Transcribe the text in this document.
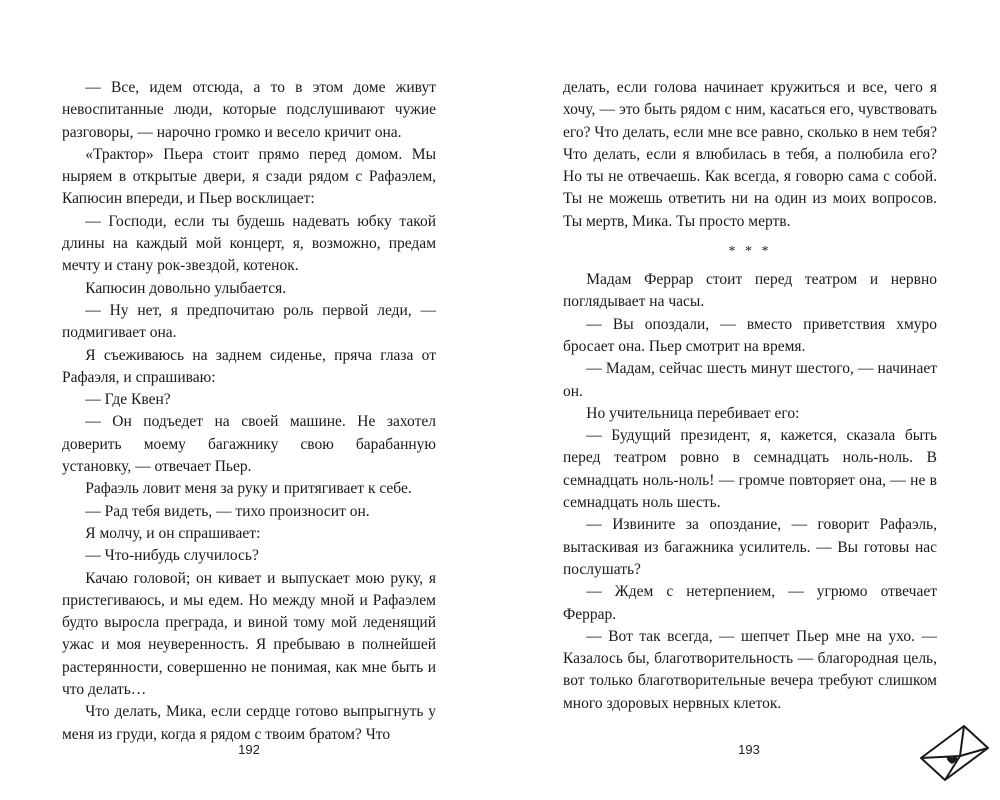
— Все, идем отсюда, а то в этом доме живут невоспитанные люди, которые подслушивают чужие разговоры, — нарочно громко и весело кричит она.

«Трактор» Пьера стоит прямо перед домом. Мы ныряем в открытые двери, я сзади рядом с Рафаэлем, Капюсин впереди, и Пьер восклицает:

— Господи, если ты будешь надевать юбку такой длины на каждый мой концерт, я, возможно, предам мечту и стану рок-звездой, котенок.

Капюсин довольно улыбается.

— Ну нет, я предпочитаю роль первой леди, — подмигивает она.

Я съеживаюсь на заднем сиденье, пряча глаза от Рафаэля, и спрашиваю:

— Где Квен?

— Он подъедет на своей машине. Не захотел доверить моему багажнику свою барабанную установку, — отвечает Пьер.

Рафаэль ловит меня за руку и притягивает к себе.

— Рад тебя видеть, — тихо произносит он.

Я молчу, и он спрашивает:

— Что-нибудь случилось?

Качаю головой; он кивает и выпускает мою руку, я пристегиваюсь, и мы едем. Но между мной и Рафаэлем будто выросла преграда, и виной тому мой леденящий ужас и моя неуверенность. Я пребываю в полнейшей растерянности, совершенно не понимая, как мне быть и что делать…

Что делать, Мика, если сердце готово выпрыгнуть у меня из груди, когда я рядом с твоим братом? Что

192

делать, если голова начинает кружиться и все, чего я хочу, — это быть рядом с ним, касаться его, чувствовать его? Что делать, если мне все равно, сколько в нем тебя? Что делать, если я влюбилась в тебя, а полюбила его? Но ты не отвечаешь. Как всегда, я говорю сама с собой. Ты не можешь ответить ни на один из моих вопросов. Ты мертв, Мика. Ты просто мертв.

* * *

Мадам Феррар стоит перед театром и нервно поглядывает на часы.

— Вы опоздали, — вместо приветствия хмуро бросает она. Пьер смотрит на время.

— Мадам, сейчас шесть минут шестого, — начинает он.

Но учительница перебивает его:

— Будущий президент, я, кажется, сказала быть перед театром ровно в семнадцать ноль-ноль. В семнадцать ноль-ноль! — громче повторяет она, — не в семнадцать ноль шесть.

— Извините за опоздание, — говорит Рафаэль, вытаскивая из багажника усилитель. — Вы готовы нас послушать?

— Ждем с нетерпением, — угрюмо отвечает Феррар.

— Вот так всегда, — шепчет Пьер мне на ухо. — Казалось бы, благотворительность — благородная цель, вот только благотворительные вечера требуют слишком много здоровых нервных клеток.

193
